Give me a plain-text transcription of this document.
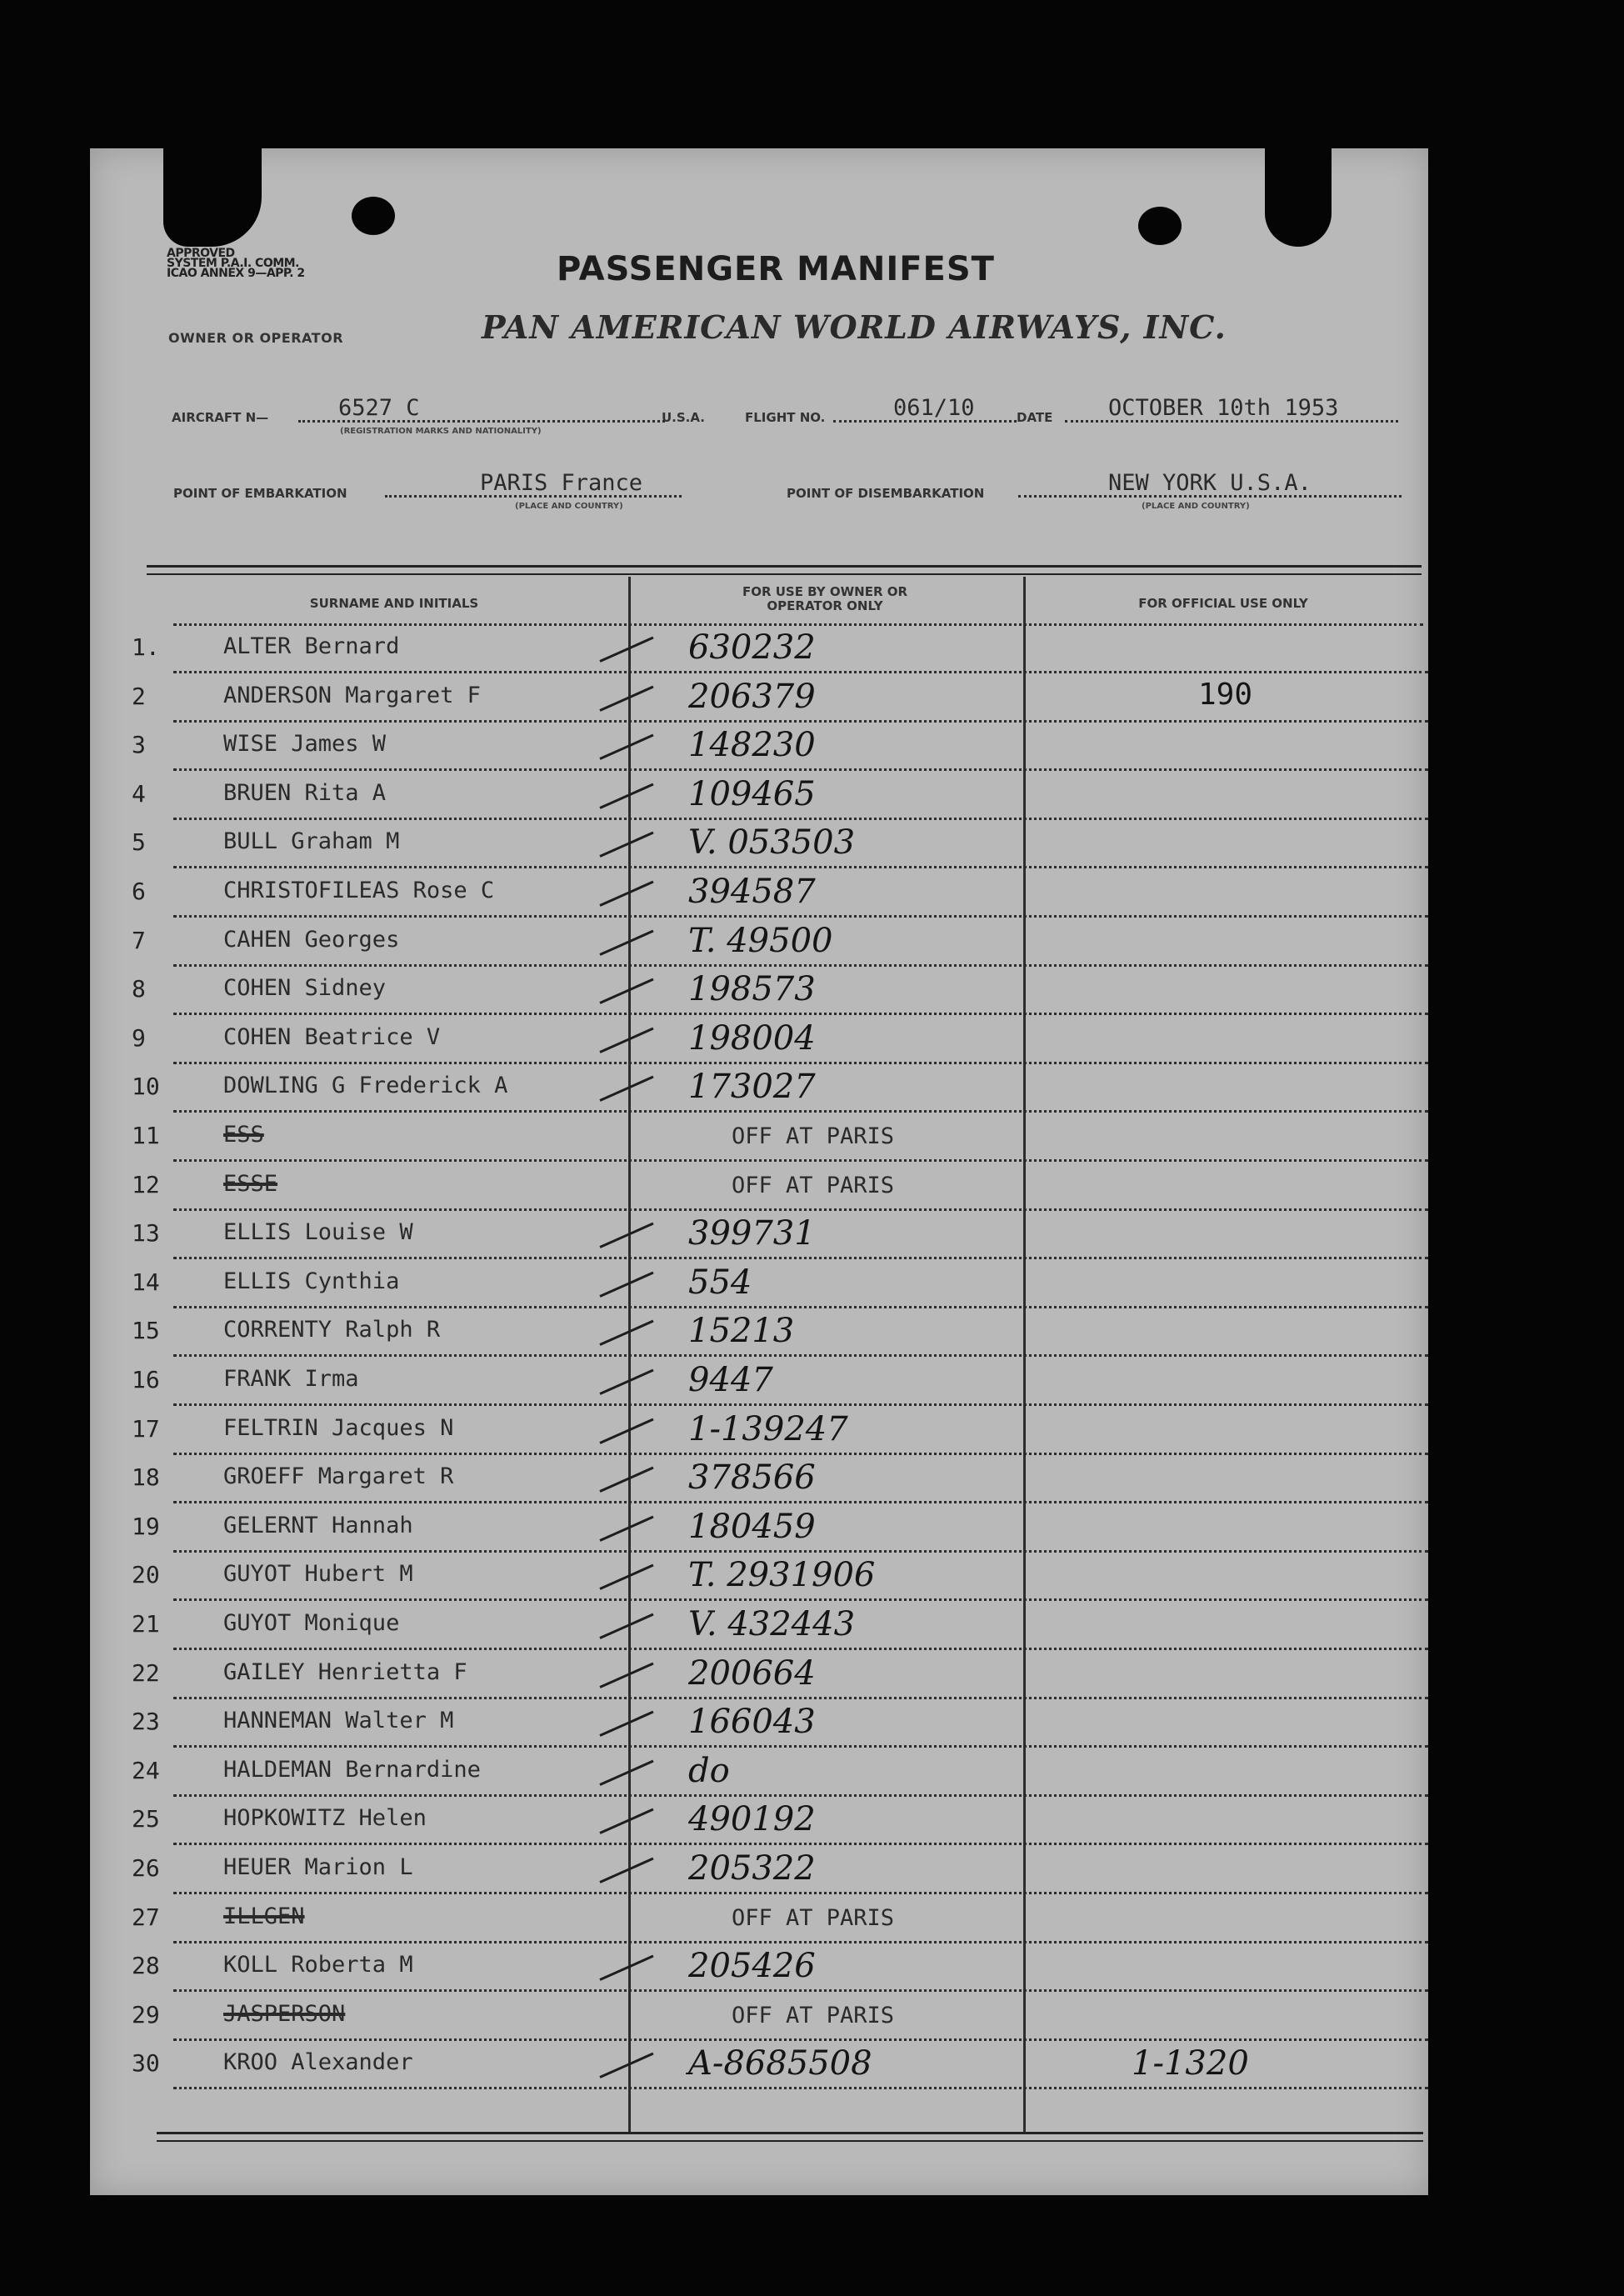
APPROVED
SYSTEM P.A.I. COMM.
ICAO ANNEX 9—APP. 2	PASSENGER MANIFEST
OWNER OR OPERATOR	PAN AMERICAN WORLD AIRWAYS, INC.
AIRCRAFT N—	6527 C
(REGISTRATION MARKS AND NATIONALITY)
U.S.A.	FLIGHT NO.	061/10	DATE OCTOBER 10th 1953
POINT OF EMBARKATION	PARIS France
(PLACE AND COUNTRY)
POINT OF DISEMBARKATION	NEW YORK U.S.A.
(PLACE AND COUNTRY)
SURNAME AND INITIALS
FOR USE BY OWNER OR OPERATOR ONLY	FOR OFFICIAL USE ONLY
1.	ALTER Bernard	630232
2	ANDERSON Margaret F	206379	190
3	WISE James W	148230
4	BRUEN Rita A	109465
5	BULL Graham M	V. 053503
6	CHRISTOFILEAS Rose C	394587
7	CAHEN Georges	T. 49500
8	COHEN Sidney	198573
9	COHEN Beatrice V	198004
10	DOWLING G Frederick A	173027
11	ESS	OFF AT PARIS
12	ESSE	OFF AT PARIS
13	ELLIS Louise W	399731
14	ELLIS Cynthia	554
15	CORRENTY Ralph R	15213
16	FRANK Irma	9447
17	FELTRIN Jacques N	1-139247
18	GROEFF Margaret R	378566
19	GELERNT Hannah	180459
20	GUYOT Hubert M	T. 2931906
21	GUYOT Monique	V. 432443
22	GAILEY Henrietta F	200664
23	HANNEMAN Walter M	166043
24	HALDEMAN Bernardine	do
25	HOPKOWITZ Helen	490192
26	HEUER Marion L	205322
27	ILLGEN	OFF AT PARIS
28	KOLL Roberta M	205426
29	JASPERSON	OFF AT PARIS
30	KROO Alexander	A-8685508	1-1320
